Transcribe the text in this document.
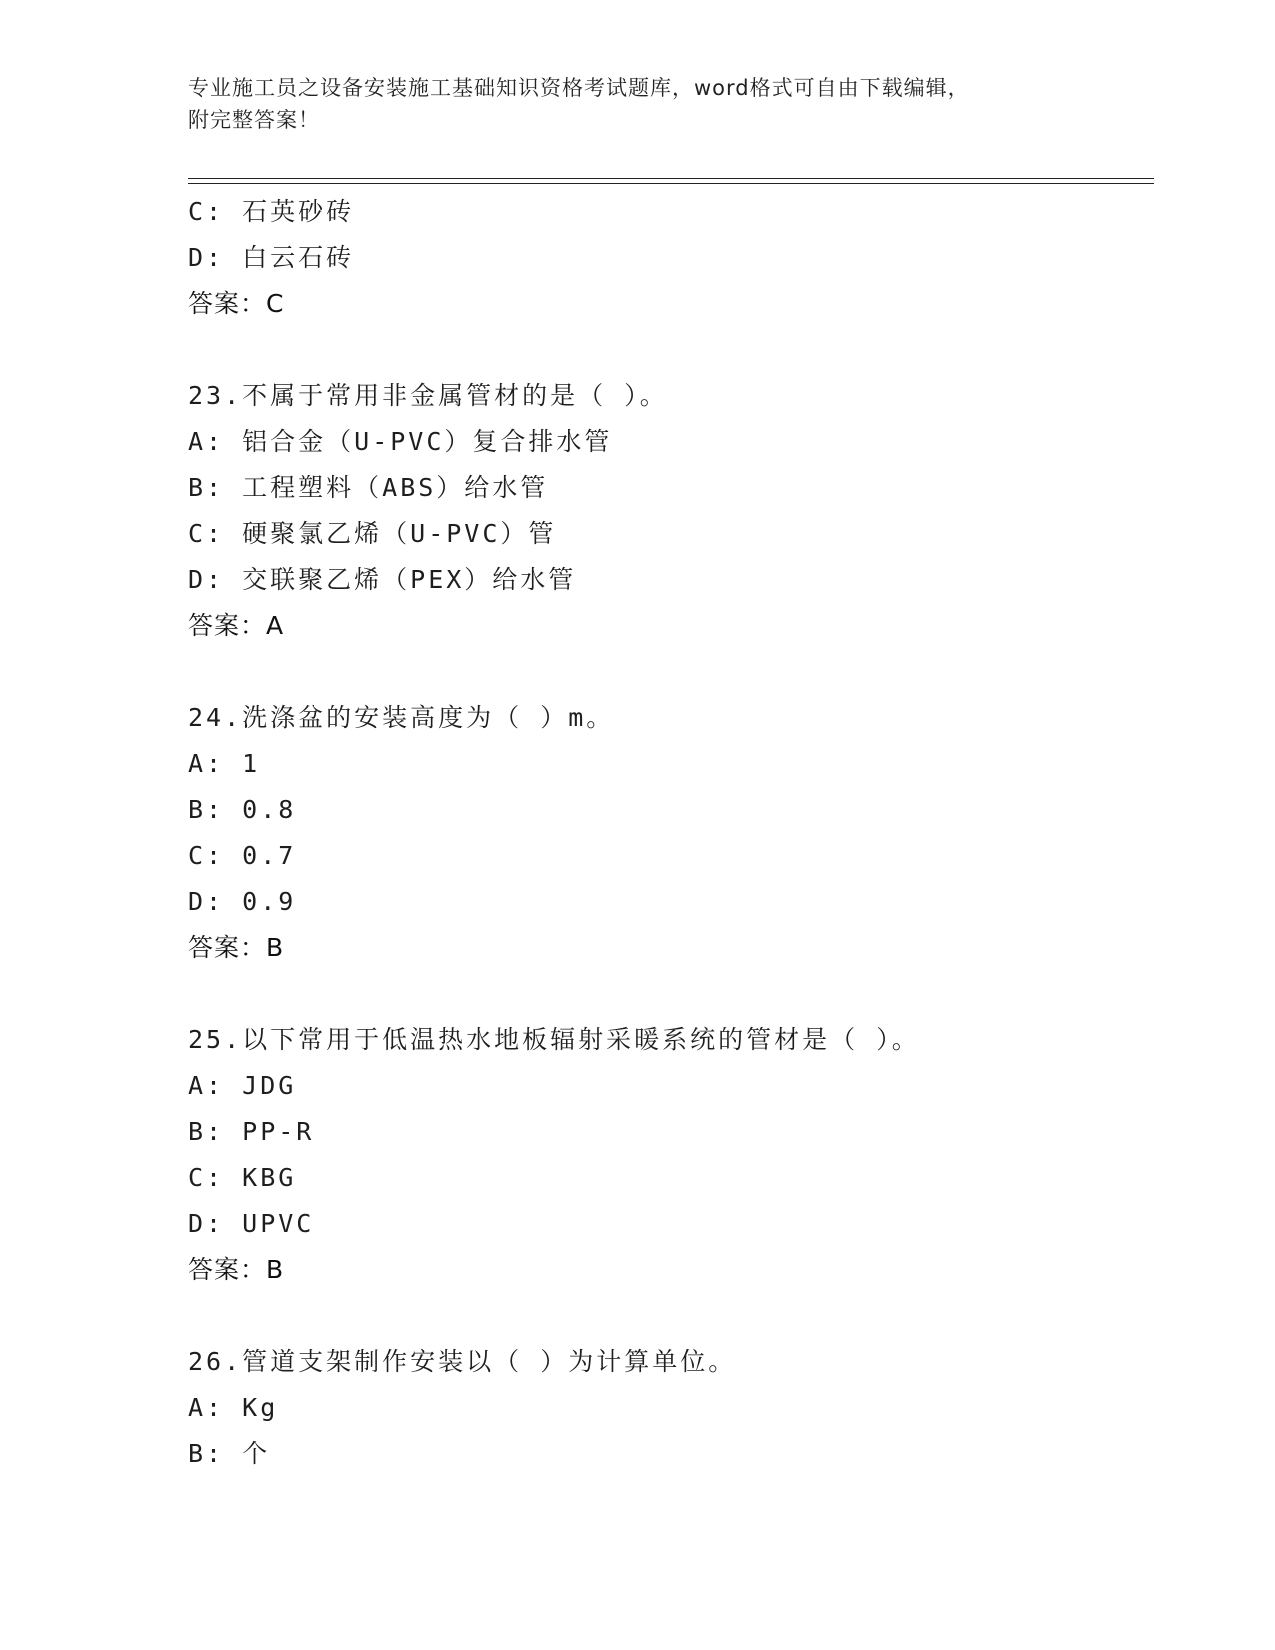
专业施工员之设备安装施工基础知识资格考试题库，word格式可自由下载编辑，
附完整答案！
C: 石英砂砖
D: 白云石砖
答案：C
23.不属于常用非金属管材的是（ ）。
A: 铝合金（U-PVC）复合排水管
B: 工程塑料（ABS）给水管
C: 硬聚氯乙烯（U-PVC）管
D: 交联聚乙烯（PEX）给水管
答案：A
24.洗涤盆的安装高度为（ ）m。
A: 1
B: 0.8
C: 0.7
D: 0.9
答案：B
25.以下常用于低温热水地板辐射采暖系统的管材是（ ）。
A: JDG
B: PP-R
C: KBG
D: UPVC
答案：B
26.管道支架制作安装以（ ）为计算单位。
A: Kg
B: 个
